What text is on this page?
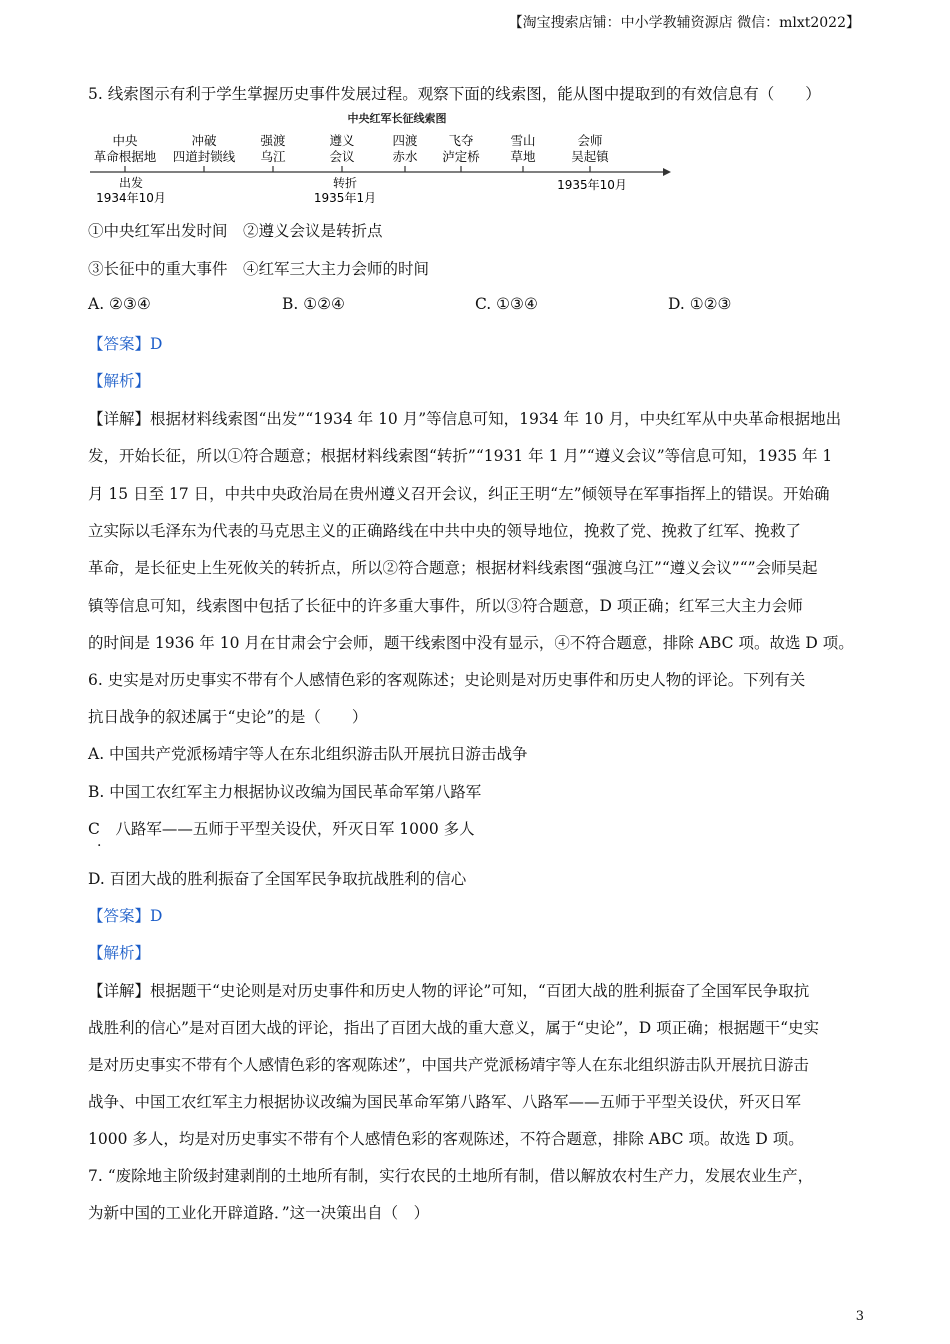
【淘宝搜索店铺：中小学教辅资源店 微信：mlxt2022】
5. 线索图示有利于学生掌握历史事件发展过程。观察下面的线索图，能从图中提取到的有效信息有（　　）
中央红军长征线索图
中央
革命根据地
冲破
四道封锁线
强渡
乌江
遵义
会议
四渡
赤水
飞夺
泸定桥
雪山
草地
会师
吴起镇
出发
1934年10月
转折
1935年1月
1935年10月
①中央红军出发时间　②遵义会议是转折点
③长征中的重大事件　④红军三大主力会师的时间
A. ②③④	B. ①②④	C. ①③④	D. ①②③
【答案】D
【解析】
【详解】根据材料线索图“出发”“1934 年 10 月”等信息可知，1934 年 10 月，中央红军从中央革命根据地出
发，开始长征，所以①符合题意；根据材料线索图“转折”“1931 年 1 月”“遵义会议”等信息可知，1935 年 1
月 15 日至 17 日，中共中央政治局在贵州遵义召开会议，纠正王明“左”倾领导在军事指挥上的错误。开始确
立实际以毛泽东为代表的马克思主义的正确路线在中共中央的领导地位，挽救了党、挽救了红军、挽救了
革命，是长征史上生死攸关的转折点，所以②符合题意；根据材料线索图“强渡乌江”“遵义会议”“”会师吴起
镇等信息可知，线索图中包括了长征中的许多重大事件，所以③符合题意，D 项正确；红军三大主力会师
的时间是 1936 年 10 月在甘肃会宁会师，题干线索图中没有显示，④不符合题意，排除 ABC 项。故选 D 项。
6. 史实是对历史事实不带有个人感情色彩的客观陈述；史论则是对历史事件和历史人物的评论。下列有关
抗日战争的叙述属于“史论”的是（　　）
A. 中国共产党派杨靖宇等人在东北组织游击队开展抗日游击战争
B. 中国工农红军主力根据协议改编为国民革命军第八路军
C　八路军——五师于平型关设伏，歼灭日军 1000 多人
·
D. 百团大战的胜利振奋了全国军民争取抗战胜利的信心
【答案】D
【解析】
【详解】根据题干“史论则是对历史事件和历史人物的评论”可知，“百团大战的胜利振奋了全国军民争取抗
战胜利的信心”是对百团大战的评论，指出了百团大战的重大意义，属于“史论”，D 项正确；根据题干“史实
是对历史事实不带有个人感情色彩的客观陈述”，中国共产党派杨靖宇等人在东北组织游击队开展抗日游击
战争、中国工农红军主力根据协议改编为国民革命军第八路军、八路军——五师于平型关设伏，歼灭日军
1000 多人，均是对历史事实不带有个人感情色彩的客观陈述，不符合题意，排除 ABC 项。故选 D 项。
7. “废除地主阶级封建剥削的土地所有制，实行农民的土地所有制，借以解放农村生产力，发展农业生产，
为新中国的工业化开辟道路．”这一决策出自（　）
3
